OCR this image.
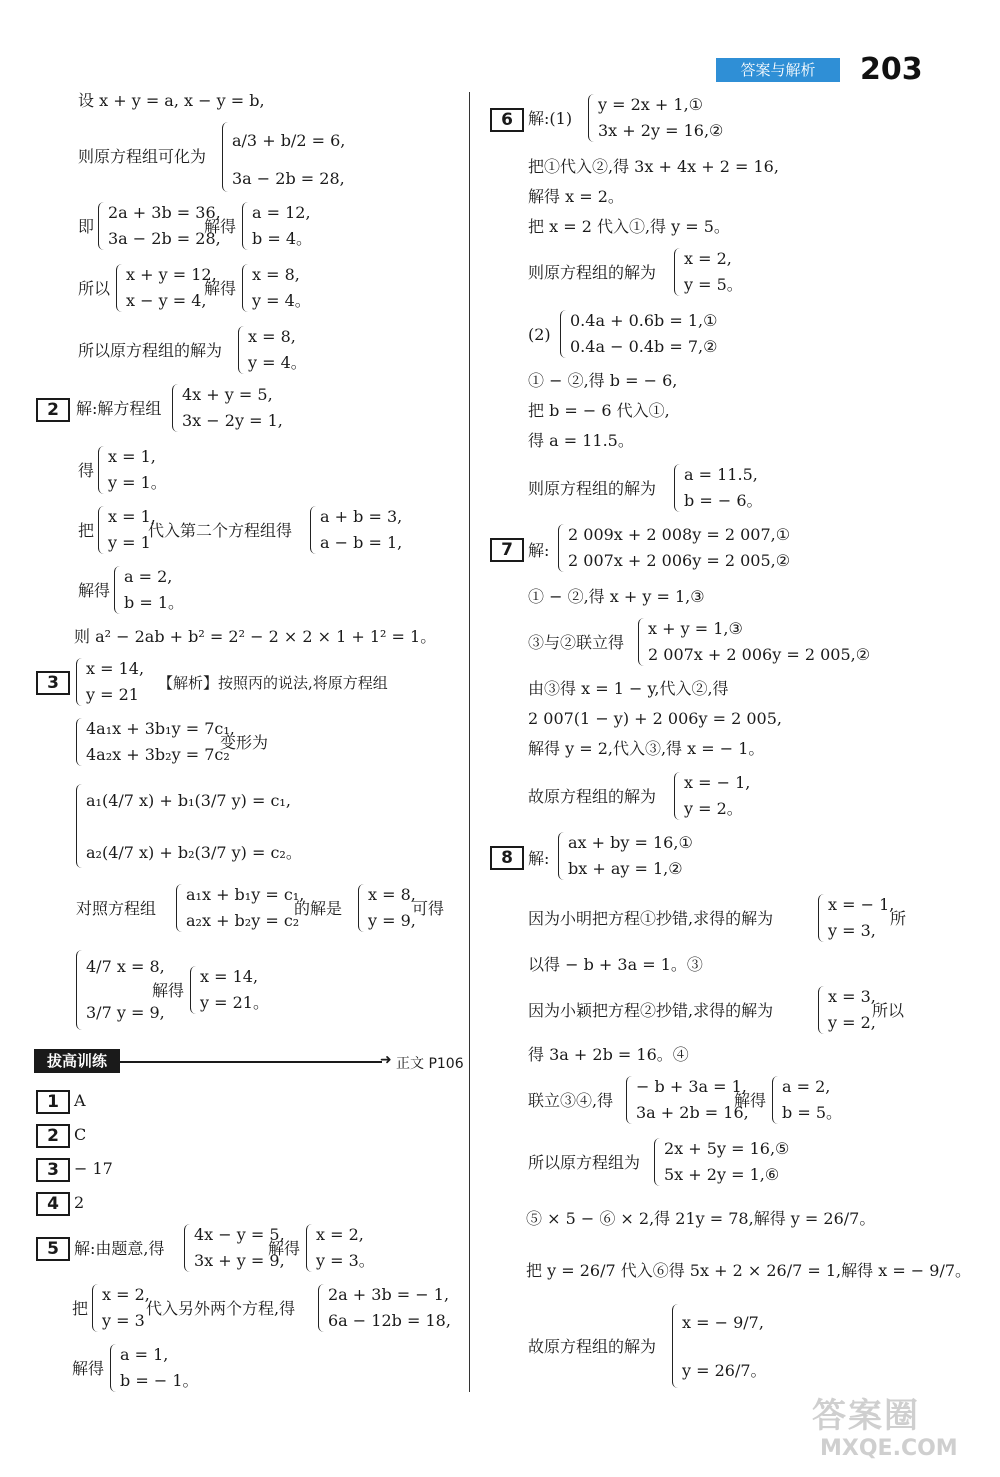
答案与解析	203
设 x + y = a, x − y = b,
则原方程组可化为
a/3 + b/2 = 6,
3a − 2b = 28,
即
2a + 3b = 36,
3a − 2b = 28,
解得
a = 12,
b = 4。
所以
x + y = 12,
x − y = 4,
解得
x = 8,
y = 4。
所以原方程组的解为
x = 8,
y = 4。
2	解:解方程组
4x + y = 5,
3x − 2y = 1,
得
x = 1,
y = 1。
把
x = 1,
y = 1
代入第二个方程组得
a + b = 3,
a − b = 1,
解得
a = 2,
b = 1。
则 a² − 2ab + b² = 2² − 2 × 2 × 1 + 1² = 1。
3
x = 14,
y = 21
【解析】按照丙的说法,将原方程组
4a₁x + 3b₁y = 7c₁,
4a₂x + 3b₂y = 7c₂
变形为
a₁(4/7 x) + b₁(3/7 y) = c₁,
a₂(4/7 x) + b₂(3/7 y) = c₂。
对照方程组
a₁x + b₁y = c₁,
a₂x + b₂y = c₂
的解是
x = 8,
y = 9,
可得
4/7 x = 8,
3/7 y = 9,
解得
x = 14,
y = 21。
拔高训练	➜ 正文 P106
1 A
2 C
3 − 17
4 2
5 解:由题意,得
4x − y = 5,
3x + y = 9,
解得
x = 2,
y = 3。
把
x = 2,
y = 3
代入另外两个方程,得
2a + 3b = − 1,
6a − 12b = 18,
解得
a = 1,
b = − 1。
6 解:(1)
y = 2x + 1,①
3x + 2y = 16,②
把①代入②,得 3x + 4x + 2 = 16,
解得 x = 2。
把 x = 2 代入①,得 y = 5。
则原方程组的解为
x = 2,
y = 5。
(2)
0.4a + 0.6b = 1,①
0.4a − 0.4b = 7,②
① − ②,得 b = − 6,
把 b = − 6 代入①,
得 a = 11.5。
则原方程组的解为
a = 11.5,
b = − 6。
7 解:
2 009x + 2 008y = 2 007,①
2 007x + 2 006y = 2 005,②
① − ②,得 x + y = 1,③
③与②联立得
x + y = 1,③
2 007x + 2 006y = 2 005,②
由③得 x = 1 − y,代入②,得
2 007(1 − y) + 2 006y = 2 005,
解得 y = 2,代入③,得 x = − 1。
故原方程组的解为
x = − 1,
y = 2。
8 解:
ax + by = 16,①
bx + ay = 1,②
因为小明把方程①抄错,求得的解为
x = − 1,
y = 3,
所
以得 − b + 3a = 1。③
因为小颖把方程②抄错,求得的解为
x = 3,
y = 2,
所以
得 3a + 2b = 16。④
联立③④,得
− b + 3a = 1,
3a + 2b = 16,
解得
a = 2,
b = 5。
所以原方程组为
2x + 5y = 16,⑤
5x + 2y = 1,⑥
⑤ × 5 − ⑥ × 2,得 21y = 78,解得 y = 26/7。
把 y = 26/7 代入⑥得 5x + 2 × 26/7 = 1,解得 x = − 9/7。
故原方程组的解为
x = − 9/7,
y = 26/7。
答案圈
MXQE.COM
